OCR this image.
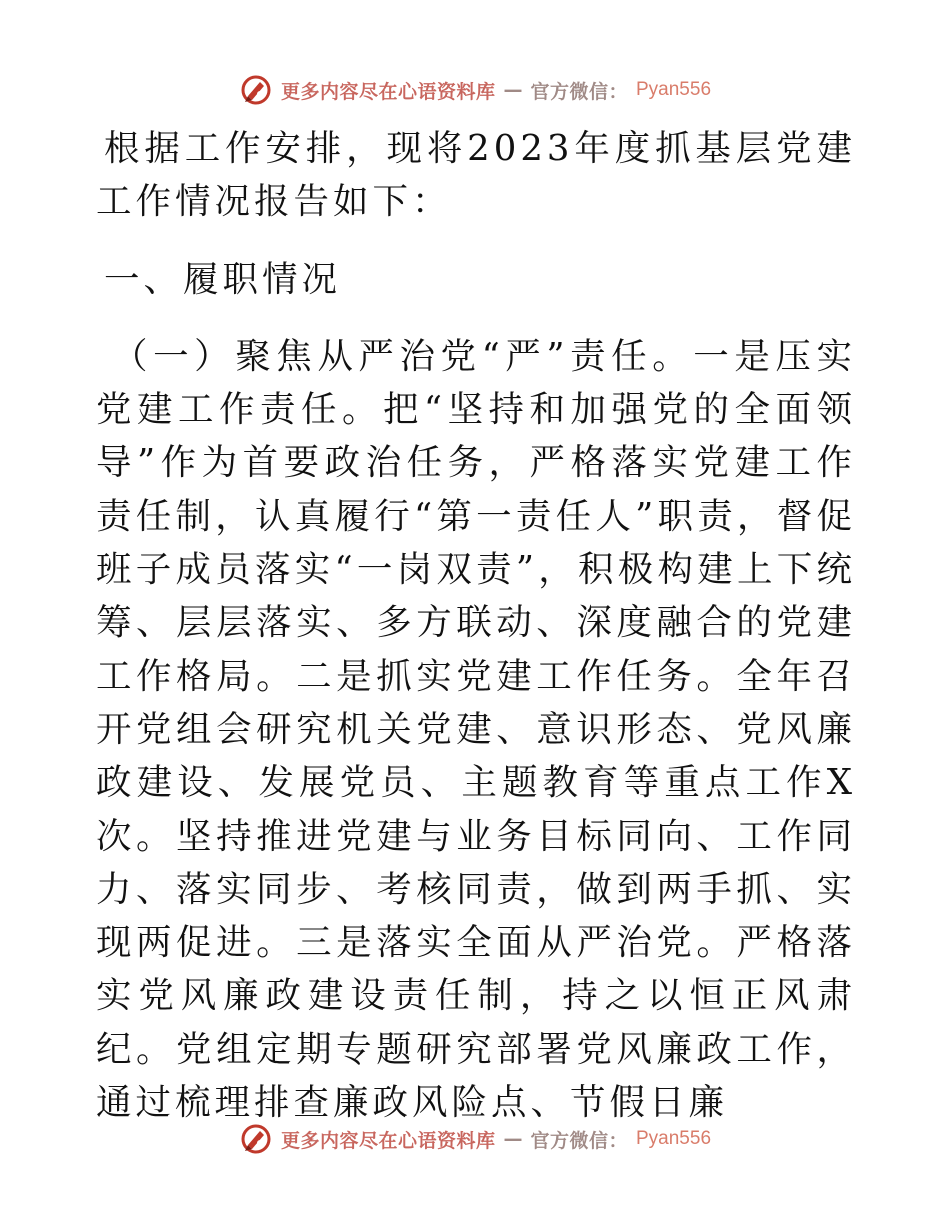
更多内容尽在心语资料库 — 官方微信： Pyan556

根据工作安排，现将2023年度抓基层党建工作情况报告如下：

一、履职情况

（一）聚焦从严治党“严”责任。一是压实党建工作责任。把“坚持和加强党的全面领导”作为首要政治任务，严格落实党建工作责任制，认真履行“第一责任人”职责，督促班子成员落实“一岗双责”，积极构建上下统筹、层层落实、多方联动、深度融合的党建工作格局。二是抓实党建工作任务。全年召开党组会研究机关党建、意识形态、党风廉政建设、发展党员、主题教育等重点工作X次。坚持推进党建与业务目标同向、工作同力、落实同步、考核同责，做到两手抓、实现两促进。三是落实全面从严治党。严格落实党风廉政建设责任制，持之以恒正风肃纪。党组定期专题研究部署党风廉政工作，通过梳理排查廉政风险点、节假日廉

更多内容尽在心语资料库 — 官方微信： Pyan556
